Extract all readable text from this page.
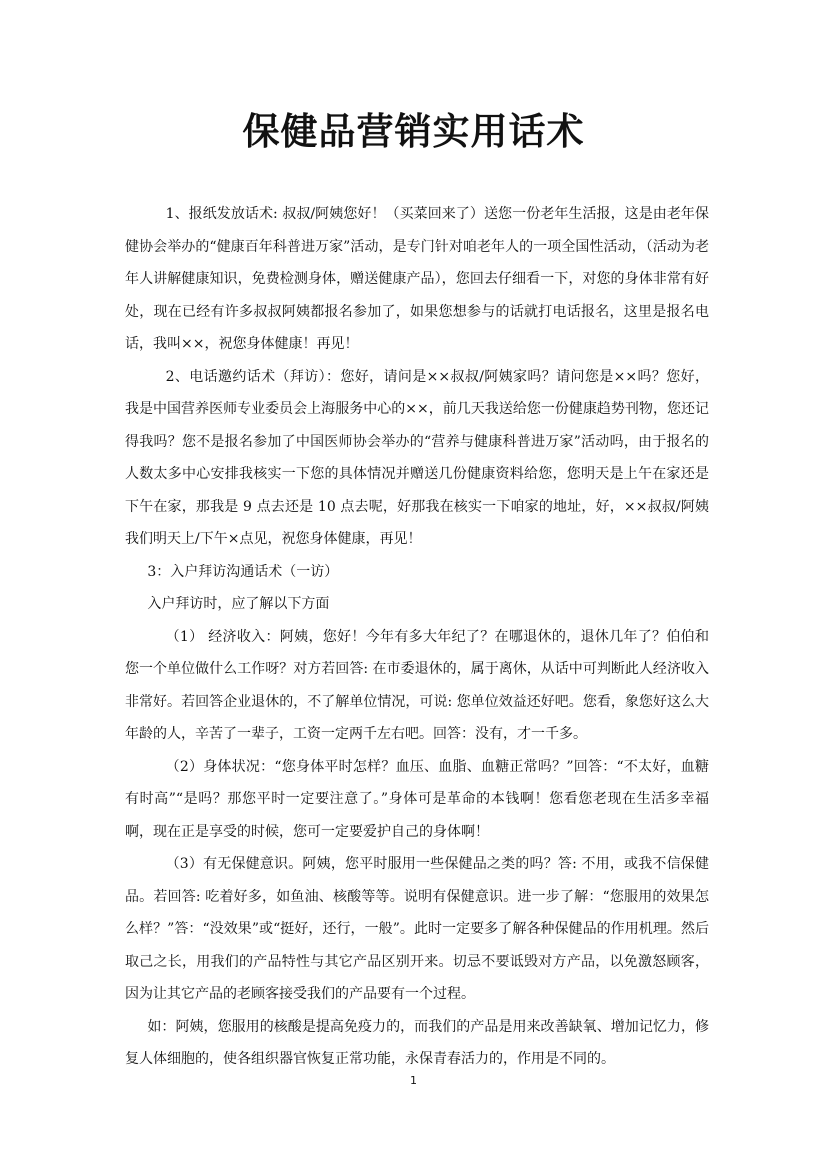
保健品营销实用话术

1、报纸发放话术: 叔叔/阿姨您好！（买菜回来了）送您一份老年生活报，这是由老年保健协会举办的“健康百年科普进万家”活动，是专门针对咱老年人的一项全国性活动，（活动为老年人讲解健康知识，免费检测身体，赠送健康产品），您回去仔细看一下，对您的身体非常有好处，现在已经有许多叔叔阿姨都报名参加了，如果您想参与的话就打电话报名，这里是报名电话，我叫××，祝您身体健康！再见！

2、电话邀约话术（拜访）：您好，请问是××叔叔/阿姨家吗？请问您是××吗？您好，我是中国营养医师专业委员会上海服务中心的××，前几天我送给您一份健康趋势刊物，您还记得我吗？您不是报名参加了中国医师协会举办的“营养与健康科普进万家”活动吗，由于报名的人数太多中心安排我核实一下您的具体情况并赠送几份健康资料给您，您明天是上午在家还是下午在家，那我是 9 点去还是 10 点去呢，好那我在核实一下咱家的地址，好，××叔叔/阿姨我们明天上/下午×点见，祝您身体健康，再见！

3：入户拜访沟通话术（一访）

入户拜访时，应了解以下方面

（1） 经济收入：阿姨，您好！今年有多大年纪了？在哪退休的，退休几年了？伯伯和您一个单位做什么工作呀？对方若回答: 在市委退休的，属于离休，从话中可判断此人经济收入非常好。若回答企业退休的，不了解单位情况，可说: 您单位效益还好吧。您看，象您好这么大年龄的人，辛苦了一辈子，工资一定两千左右吧。回答：没有，才一千多。

（2）身体状况：“您身体平时怎样？血压、血脂、血糖正常吗？”回答：“不太好，血糖有时高”“是吗？那您平时一定要注意了。”身体可是革命的本钱啊！您看您老现在生活多幸福啊，现在正是享受的时候，您可一定要爱护自己的身体啊！

（3）有无保健意识。阿姨，您平时服用一些保健品之类的吗？答: 不用，或我不信保健品。若回答: 吃着好多，如鱼油、核酸等等。说明有保健意识。进一步了解：“您服用的效果怎么样？”答：“没效果”或“挺好，还行，一般”。此时一定要多了解各种保健品的作用机理。然后取己之长，用我们的产品特性与其它产品区别开来。切忌不要诋毁对方产品，以免激怒顾客，因为让其它产品的老顾客接受我们的产品要有一个过程。

如：阿姨，您服用的核酸是提高免疫力的，而我们的产品是用来改善缺氧、增加记忆力，修复人体细胞的，使各组织器官恢复正常功能，永保青春活力的，作用是不同的。

1
